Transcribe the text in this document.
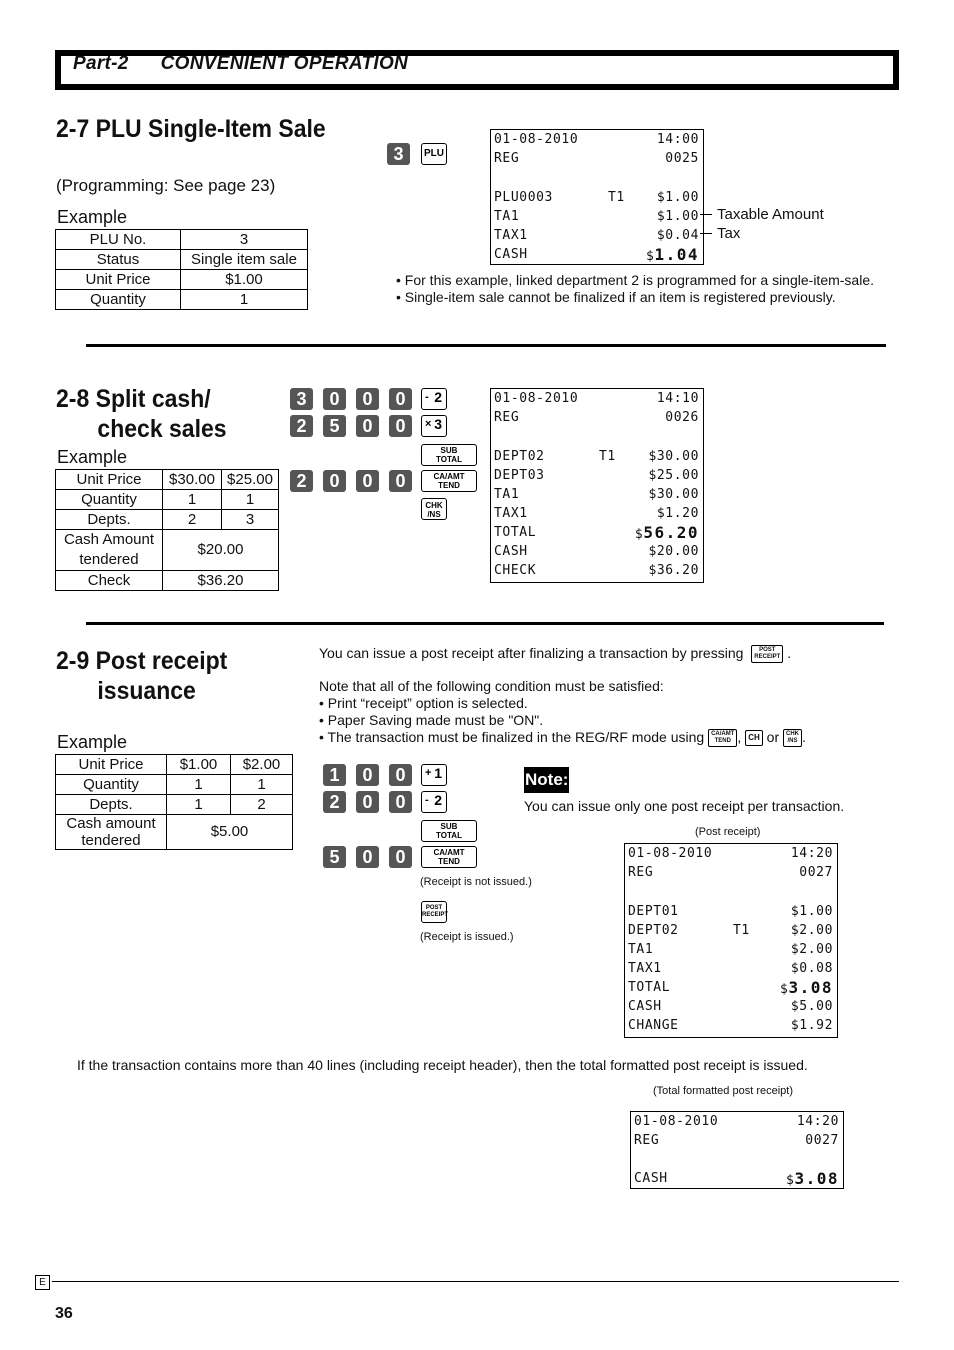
Part-2 CONVENIENT OPERATION
2-7 PLU Single-Item Sale
(Programming: See page 23)
Example
PLU No.	3
Status	Single item sale
Unit Price	$1.00
Quantity	1
3	PLU
01-08-2010	14:00
REG	0025
PLU0003	T1 $1.00
TA1	$1.00
TAX1	$0.04
CASH	$1.04
Taxable Amount
Tax
• For this example, linked department 2 is programmed for a single-item-sale.
• Single-item sale cannot be finalized if an item is registered previously.
2-8 Split cash/
check sales
Example
Unit Price	$30.00	$25.00
Quantity	1	1
Depts.	2	3
Cash Amount
tendered	$20.00	
Check	$36.20	
3	0	0	0	- 2
2	5	0	0	× 3
SUB
TOTAL
2	0	0	0	CA/AMT
TEND
CHK
/NS
01-08-2010	14:10
REG	0026
DEPT02	T1	$30.00
DEPT03	$25.00
TA1	$30.00
TAX1	$1.20
TOTAL	$56.20
CASH	$20.00
CHECK	$36.20
2-9 Post receipt
issuance
You can issue a post receipt after finalizing a transaction by pressing	POST
RECEIPT .
Note that all of the following condition must be satisfied:
• Print “receipt” option is selected.
• Paper Saving made must be "ON".
• The transaction must be finalized in the REG/RF mode using CA/AMT
TEND , CH or CHK
/NS .
Example
Unit Price	$1.00	$2.00
Quantity	1	1
Depts.	1	2
Cash amount
tendered	$5.00	
1	0	0	+ 1
2	0	0	- 2
SUB
TOTAL
5	0	0	CA/AMT
TEND
(Receipt is not issued.)
POST
RECEIPT
(Receipt is issued.)
Note:
You can issue only one post receipt per transaction.
(Post receipt)
01-08-2010	14:20
REG	0027
DEPT01	$1.00
DEPT02	T1	$2.00
TA1	$2.00
TAX1	$0.08
TOTAL	$3.08
CASH	$5.00
CHANGE	$1.92
If the transaction contains more than 40 lines (including receipt header), then the total formatted post receipt is issued.
(Total formatted post receipt)
01-08-2010	14:20
REG	0027
CASH	$3.08
E
36
